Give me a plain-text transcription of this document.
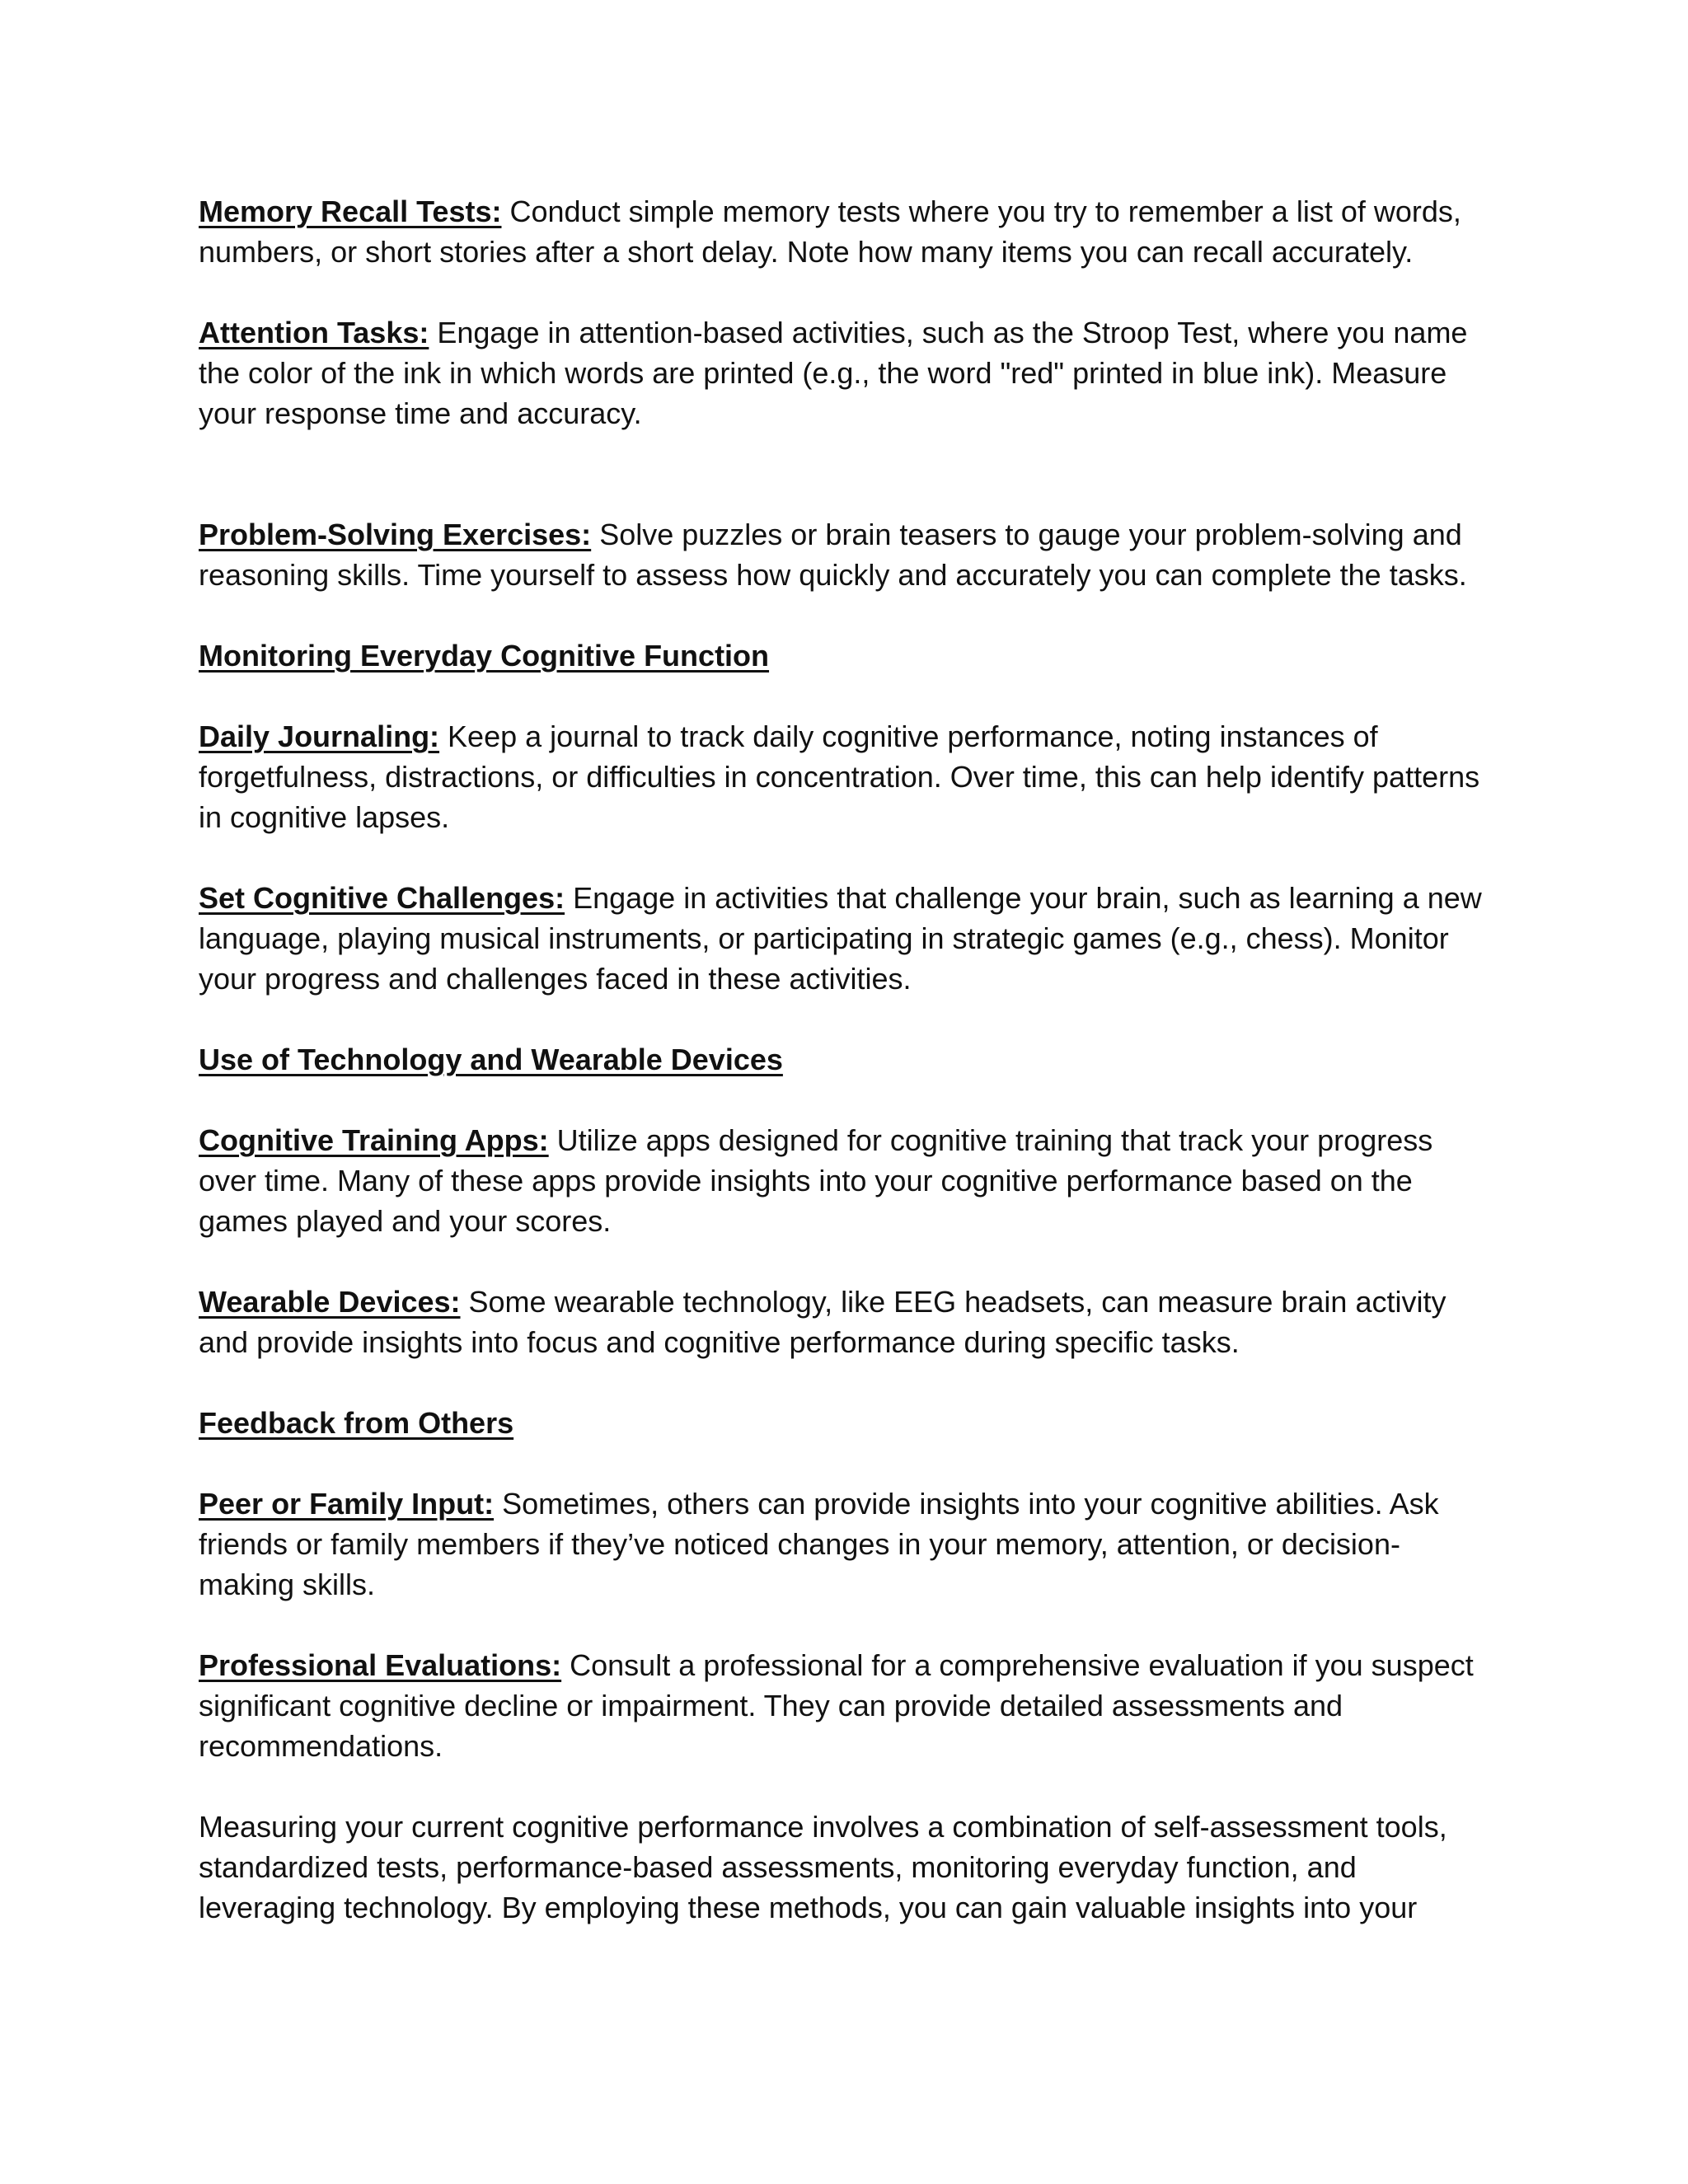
Memory Recall Tests: Conduct simple memory tests where you try to remember a list of words, numbers, or short stories after a short delay. Note how many items you can recall accurately.

Attention Tasks: Engage in attention-based activities, such as the Stroop Test, where you name the color of the ink in which words are printed (e.g., the word "red" printed in blue ink). Measure your response time and accuracy.

Problem-Solving Exercises: Solve puzzles or brain teasers to gauge your problem-solving and reasoning skills. Time yourself to assess how quickly and accurately you can complete the tasks.

Monitoring Everyday Cognitive Function

Daily Journaling: Keep a journal to track daily cognitive performance, noting instances of forgetfulness, distractions, or difficulties in concentration. Over time, this can help identify patterns in cognitive lapses.

Set Cognitive Challenges: Engage in activities that challenge your brain, such as learning a new language, playing musical instruments, or participating in strategic games (e.g., chess). Monitor your progress and challenges faced in these activities.

Use of Technology and Wearable Devices

Cognitive Training Apps: Utilize apps designed for cognitive training that track your progress over time. Many of these apps provide insights into your cognitive performance based on the games played and your scores.

Wearable Devices: Some wearable technology, like EEG headsets, can measure brain activity and provide insights into focus and cognitive performance during specific tasks.

Feedback from Others

Peer or Family Input: Sometimes, others can provide insights into your cognitive abilities. Ask friends or family members if they’ve noticed changes in your memory, attention, or decision-making skills.

Professional Evaluations: Consult a professional for a comprehensive evaluation if you suspect significant cognitive decline or impairment. They can provide detailed assessments and recommendations.

Measuring your current cognitive performance involves a combination of self-assessment tools, standardized tests, performance-based assessments, monitoring everyday function, and leveraging technology. By employing these methods, you can gain valuable insights into your
